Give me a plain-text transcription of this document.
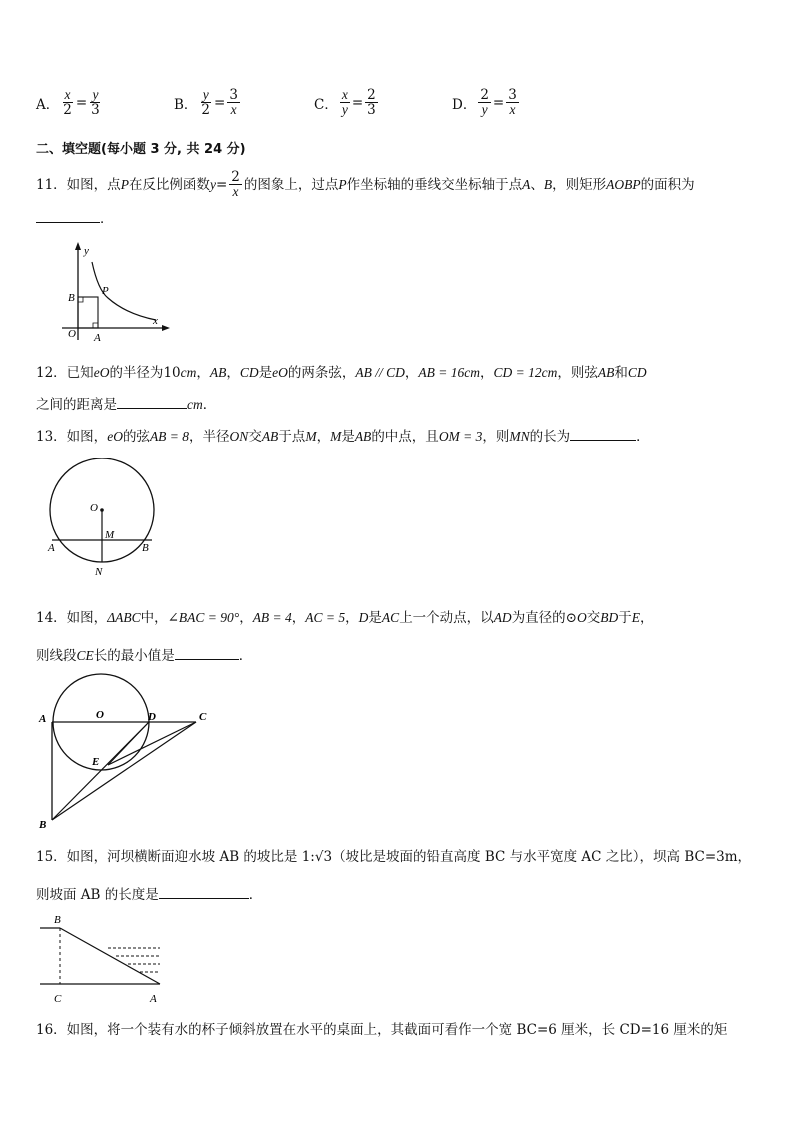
A． $\frac{x}{2} = \frac{y}{3}$	B． $\frac{y}{2} = \frac{3}{x}$	C． $\frac{x}{y} = \frac{2}{3}$	D． $\frac{2}{y} = \frac{3}{x}$
二、填空题(每小题 3 分, 共 24 分)
11．如图，点 P 在反比例函数 $y = \frac{2}{x}$ 的图象上，过点 P 作坐标轴的垂线交坐标轴于点 A 、 B ，则矩形 AOBP 的面积为
．
y
x
B
P
O A
12．已知eO的半径为10cm，AB，CD是eO的两条弦，AB // CD，AB = 16cm，CD = 12cm，则弦AB和CD
之间的距离是	cm．
13．如图，eO的弦AB = 8，半径ON交AB于点M，M是AB的中点，且OM = 3，则MN的长为	．
O
M
A	B
N
14．如图，ΔABC中，∠BAC = 90°，AB = 4，AC = 5，D是AC上一个动点，以AD为直径的⊙O交BD于E，
则线段CE长的最小值是	．
A	O	D	C
E
B
15．如图，河坝横断面迎水坡 AB 的坡比是 1:√3（坡比是坡面的铅直高度 BC 与水平宽度 AC 之比），坝高 BC=3m，
则坡面 AB 的长度是	．
B
C	A
16．如图，将一个装有水的杯子倾斜放置在水平的桌面上，其截面可看作一个宽 BC=6 厘米，长 CD=16 厘米的矩
